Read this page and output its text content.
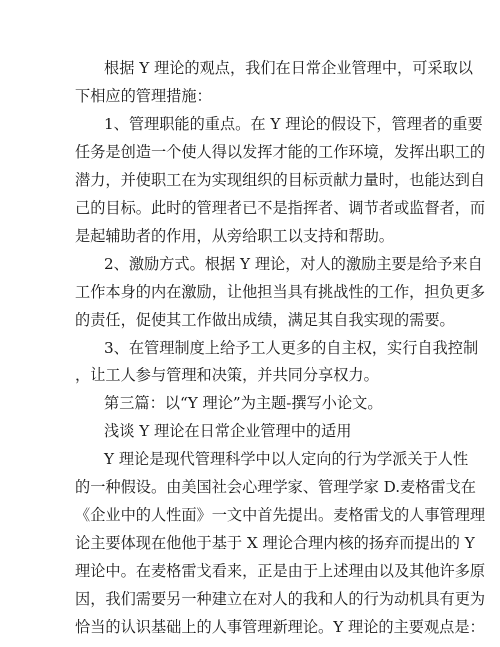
根据 Y 理论的观点，我们在日常企业管理中，可采取以
下相应的管理措施：
1、管理职能的重点。在 Y 理论的假设下，管理者的重要
任务是创造一个使人得以发挥才能的工作环境，发挥出职工的
潜力，并使职工在为实现组织的目标贡献力量时，也能达到自
己的目标。此时的管理者已不是指挥者、调节者或监督者，而
是起辅助者的作用，从旁给职工以支持和帮助。
2、激励方式。根据 Y 理论，对人的激励主要是给予来自
工作本身的内在激励，让他担当具有挑战性的工作，担负更多
的责任，促使其工作做出成绩，满足其自我实现的需要。
3、在管理制度上给予工人更多的自主权，实行自我控制
，让工人参与管理和决策，并共同分享权力。
第三篇：以“Y 理论”为主题-撰写小论文。
浅谈 Y 理论在日常企业管理中的适用
Y 理论是现代管理科学中以人定向的行为学派关于人性
的一种假设。由美国社会心理学家、管理学家 D.麦格雷戈在
《企业中的人性面》一文中首先提出。麦格雷戈的人事管理理
论主要体现在他他于基于 X 理论合理内核的扬弃而提出的 Y
理论中。在麦格雷戈看来，正是由于上述理由以及其他许多原
因，我们需要另一种建立在对人的我和人的行为动机具有更为
恰当的认识基础上的人事管理新理论。Y 理论的主要观点是：
